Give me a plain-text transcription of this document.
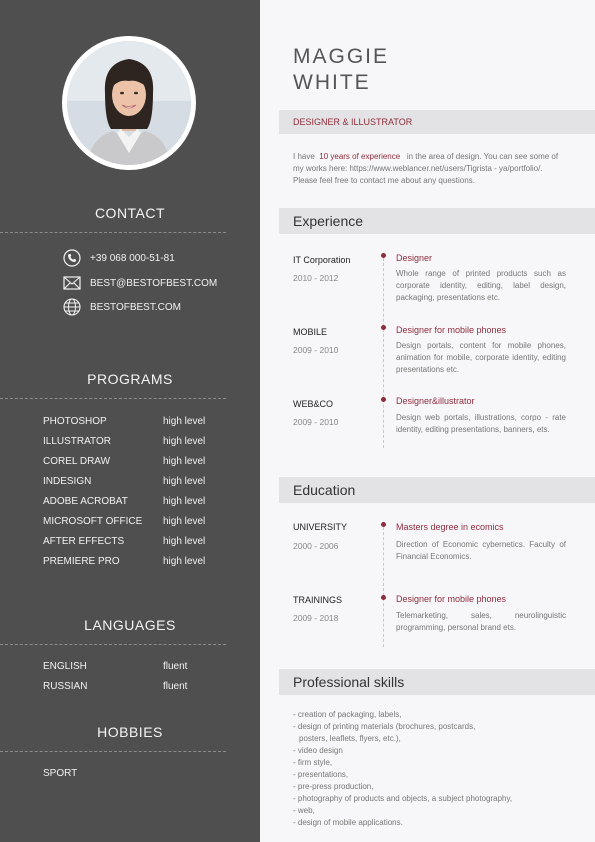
CONTACT
+39 068 000-51-81
BEST@BESTOFBEST.COM
BESTOFBEST.COM
PROGRAMS
PHOTOSHOP	high level
ILLUSTRATOR	high level
COREL DRAW	high level
INDESIGN	high level
ADOBE ACROBAT	high level
MICROSOFT OFFICE high level
AFTER EFFECTS	high level
PREMIERE PRO	high level
LANGUAGES
ENGLISH	fluent
RUSSIAN	fluent
HOBBIES
SPORT
MAGGIE
WHITE
DESIGNER & ILLUSTRATOR
I have 10 years of experience in the area of design. You can see some of my works here: https://www.weblancer.net/users/Tigrista - ya/portfolio/. Please feel free to contact me about any questions.
Experience
IT Corporation
2010 - 2012
Designer
Whole range of printed products such as corporate identity, editing, label design, packaging, presentations etc.
MOBILE
2009 - 2010
Designer for mobile phones
Design portals, content for mobile phones, animation for mobile, corporate identity, editing presentations etc.
WEB&CO
2009 - 2010
Designer&illustrator
Design web portals, illustrations, corpo - rate identity, editing presentations, banners, ets.
Education
UNIVERSITY
2000 - 2006
Masters degree in ecomics
Direction of Economic cybernetics. Faculty of Financial Economics.
TRAININGS
2009 - 2018
Designer for mobile phones
Telemarketing, sales, neurolinguistic programming, personal brand ets.
Professional skills
- creation of packaging, labels,
- design of printing materials (brochures, postcards,
posters, leaflets, flyers, etc.),
- video design
- firm style,
- presentations,
- pre-press production,
- photography of products and objects, a subject photography,
- web,
- design of mobile applications.
